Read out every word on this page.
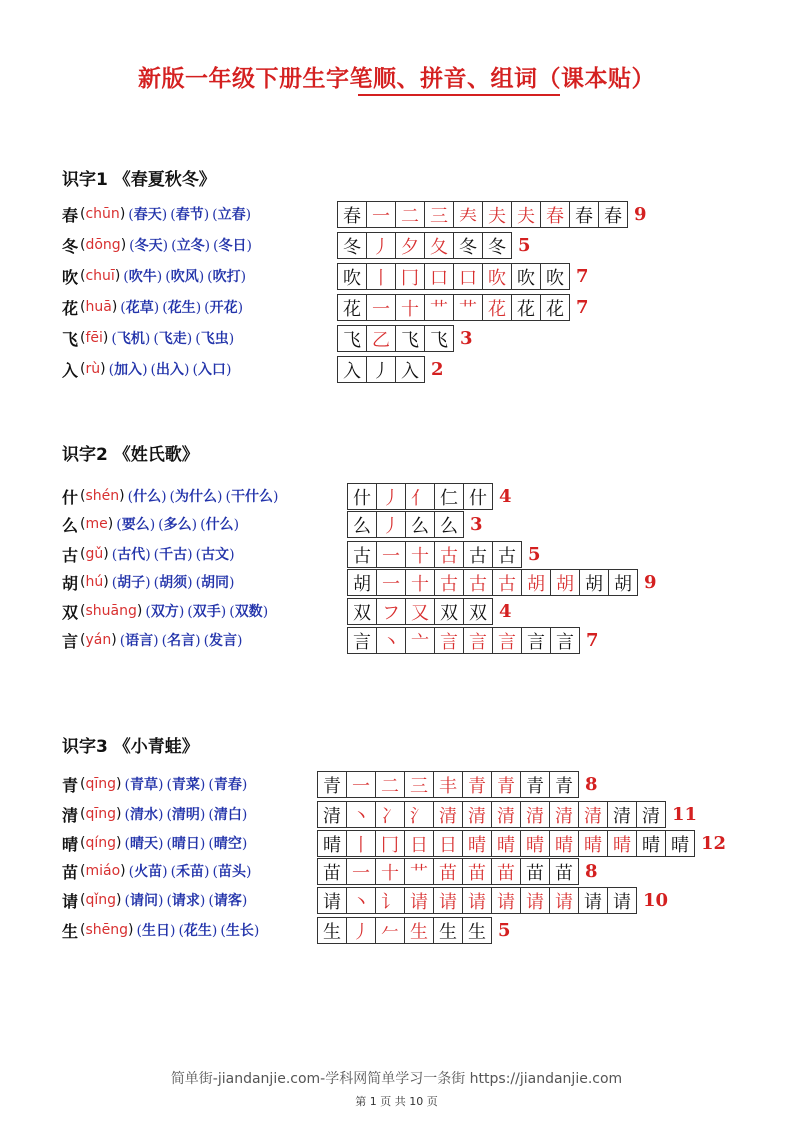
新版一年级下册生字笔顺、拼音、组词（课本贴）
识字1 《春夏秋冬》
春 ( chūn ) ( 春天 ) ( 春节 ) ( 立春 )	春 一 二 三 𡗗 夫 夫 春 春 春 9
冬 ( dōng ) ( 冬天 ) ( 立冬 ) ( 冬日 )	冬 丿 夕 夂 冬 冬 5
吹 ( chuī ) ( 吹牛 ) ( 吹风 ) ( 吹打 )	吹 丨 冂 口 口 吹 吹 吹 7
花 ( huā ) ( 花草 ) ( 花生 ) ( 开花 )	花 一 十 艹 艹 花 花 花 7
飞 ( fēi ) ( 飞机 ) ( 飞走 ) ( 飞虫 )	飞 乙 飞 飞 3
入 ( rù ) ( 加入 ) ( 出入 ) ( 入口 )	入 丿 入 2
识字2 《姓氏歌》
什 ( shén ) ( 什么 ) ( 为什么 ) ( 干什么 )	什 丿 亻 仁 什 4
么 ( me ) ( 要么 ) ( 多么 ) ( 什么 )	么 丿 么 么 3
古 ( gǔ ) ( 古代 ) ( 千古 ) ( 古文 )	古 一 十 古 古 古 5
胡 ( hú ) ( 胡子 ) ( 胡须 ) ( 胡同 )	胡 一 十 古 古 古 胡 胡 胡 胡 9
双 ( shuāng ) ( 双方 ) ( 双手 ) ( 双数 )	双 フ 又 双 双 4
言 ( yán ) ( 语言 ) ( 名言 ) ( 发言 )	言 丶 亠 言 言 言 言 言 7
识字3 《小青蛙》
青 ( qīng ) ( 青草 ) ( 青菜 ) ( 青春 )	青 一 二 三 丰 青 青 青 青 8
清 ( qīng ) ( 清水 ) ( 清明 ) ( 清白 )	清 丶 冫 氵 清 清 清 清 清 清 清 清 11
晴 ( qíng ) ( 晴天 ) ( 晴日 ) ( 晴空 )	晴 丨 冂 日 日 晴 晴 晴 晴 晴 晴 晴 晴 12
苗 ( miáo ) ( 火苗 ) ( 禾苗 ) ( 苗头 )	苗 一 十 艹 苗 苗 苗 苗 苗 8
请 ( qǐng ) ( 请问 ) ( 请求 ) ( 请客 )	请 丶 讠 请 请 请 请 请 请 请 请 10
生 ( shēng ) ( 生日 ) ( 花生 ) ( 生长 )	生 丿 𠂉 生 生 生 5
简单街-jiandanjie.com-学科网简单学习一条街 https://jiandanjie.com
第 1 页 共 10 页
